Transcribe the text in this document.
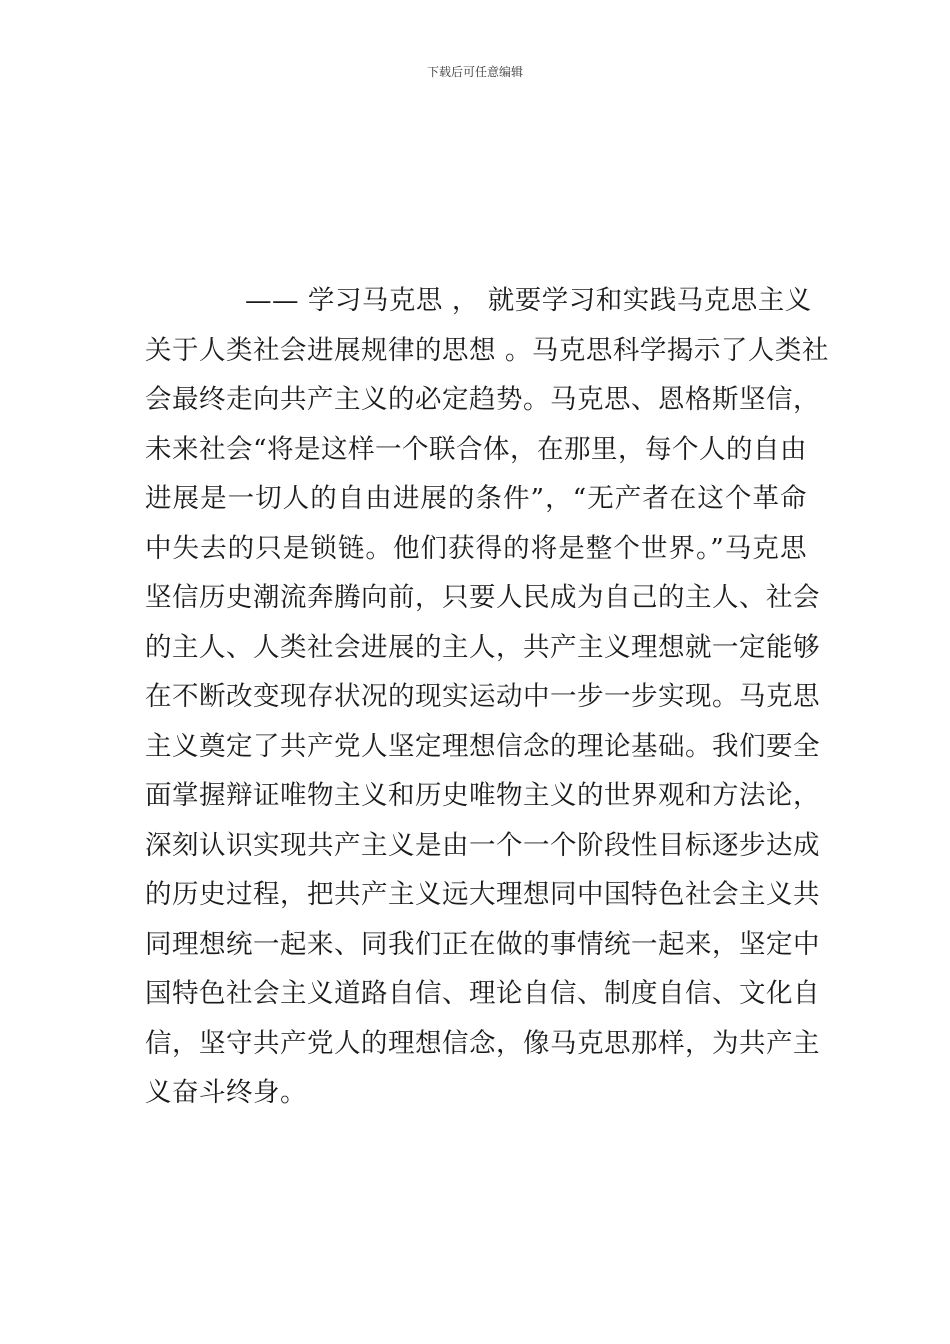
下载后可任意编辑
—— 学习马克思 ， 就要学习和实践马克思主义
关于人类社会进展规律的思想 。马克思科学揭示了人类社
会最终走向共产主义的必定趋势。马克思、恩格斯坚信，
未来社会“将是这样一个联合体，在那里，每个人的自由
进展是一切人的自由进展的条件”，“无产者在这个革命
中失去的只是锁链。他们获得的将是整个世界。”马克思
坚信历史潮流奔腾向前，只要人民成为自己的主人、社会
的主人、人类社会进展的主人，共产主义理想就一定能够
在不断改变现存状况的现实运动中一步一步实现。马克思
主义奠定了共产党人坚定理想信念的理论基础。我们要全
面掌握辩证唯物主义和历史唯物主义的世界观和方法论，
深刻认识实现共产主义是由一个一个阶段性目标逐步达成
的历史过程，把共产主义远大理想同中国特色社会主义共
同理想统一起来、同我们正在做的事情统一起来，坚定中
国特色社会主义道路自信、理论自信、制度自信、文化自
信，坚守共产党人的理想信念，像马克思那样，为共产主
义奋斗终身。
